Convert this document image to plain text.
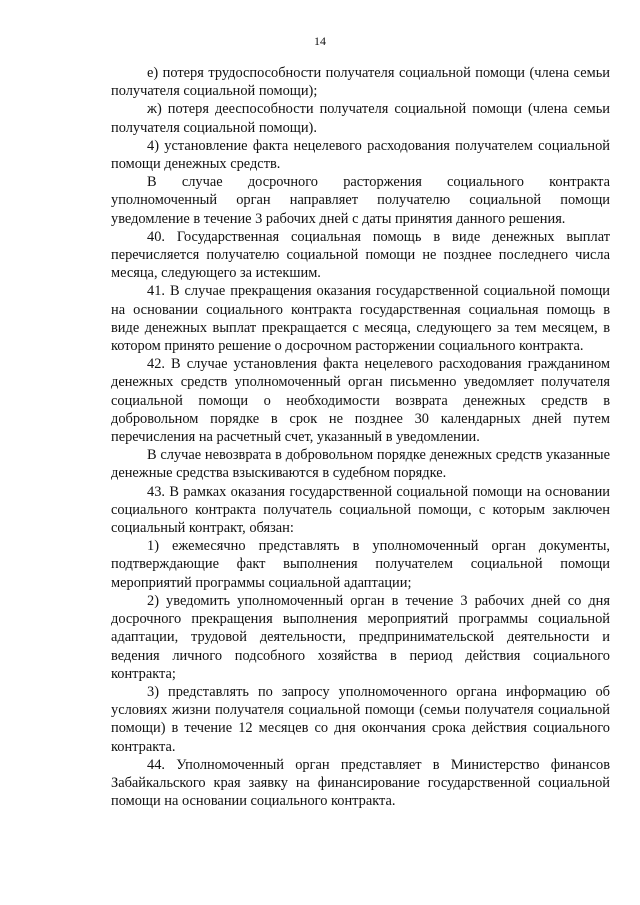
14

е) потеря трудоспособности получателя социальной помощи (члена семьи получателя социальной помощи);

ж) потеря дееспособности получателя социальной помощи (члена семьи получателя социальной помощи).

4) установление факта нецелевого расходования получателем социальной помощи денежных средств.

В случае досрочного расторжения социального контракта уполномоченный орган направляет получателю социальной помощи уведомление в течение 3 рабочих дней с даты принятия данного решения.

40. Государственная социальная помощь в виде денежных выплат перечисляется получателю социальной помощи не позднее последнего числа месяца, следующего за истекшим.

41. В случае прекращения оказания государственной социальной помощи на основании социального контракта государственная социальная помощь в виде денежных выплат прекращается с месяца, следующего за тем месяцем, в котором принято решение о досрочном расторжении социального контракта.

42. В случае установления факта нецелевого расходования гражданином денежных средств уполномоченный орган письменно уведомляет получателя социальной помощи о необходимости возврата денежных средств в добровольном порядке в срок не позднее 30 календарных дней путем перечисления на расчетный счет, указанный в уведомлении.

В случае невозврата в добровольном порядке денежных средств указанные денежные средства взыскиваются в судебном порядке.

43. В рамках оказания государственной социальной помощи на основании социального контракта получатель социальной помощи, с которым заключен социальный контракт, обязан:

1) ежемесячно представлять в уполномоченный орган документы, подтверждающие факт выполнения получателем социальной помощи мероприятий программы социальной адаптации;

2) уведомить уполномоченный орган в течение 3 рабочих дней со дня досрочного прекращения выполнения мероприятий программы социальной адаптации, трудовой деятельности, предпринимательской деятельности и ведения личного подсобного хозяйства в период действия социального контракта;

3) представлять по запросу уполномоченного органа информацию об условиях жизни получателя социальной помощи (семьи получателя социальной помощи) в течение 12 месяцев со дня окончания срока действия социального контракта.

44. Уполномоченный орган представляет в Министерство финансов Забайкальского края заявку на финансирование государственной социальной помощи на основании социального контракта.
